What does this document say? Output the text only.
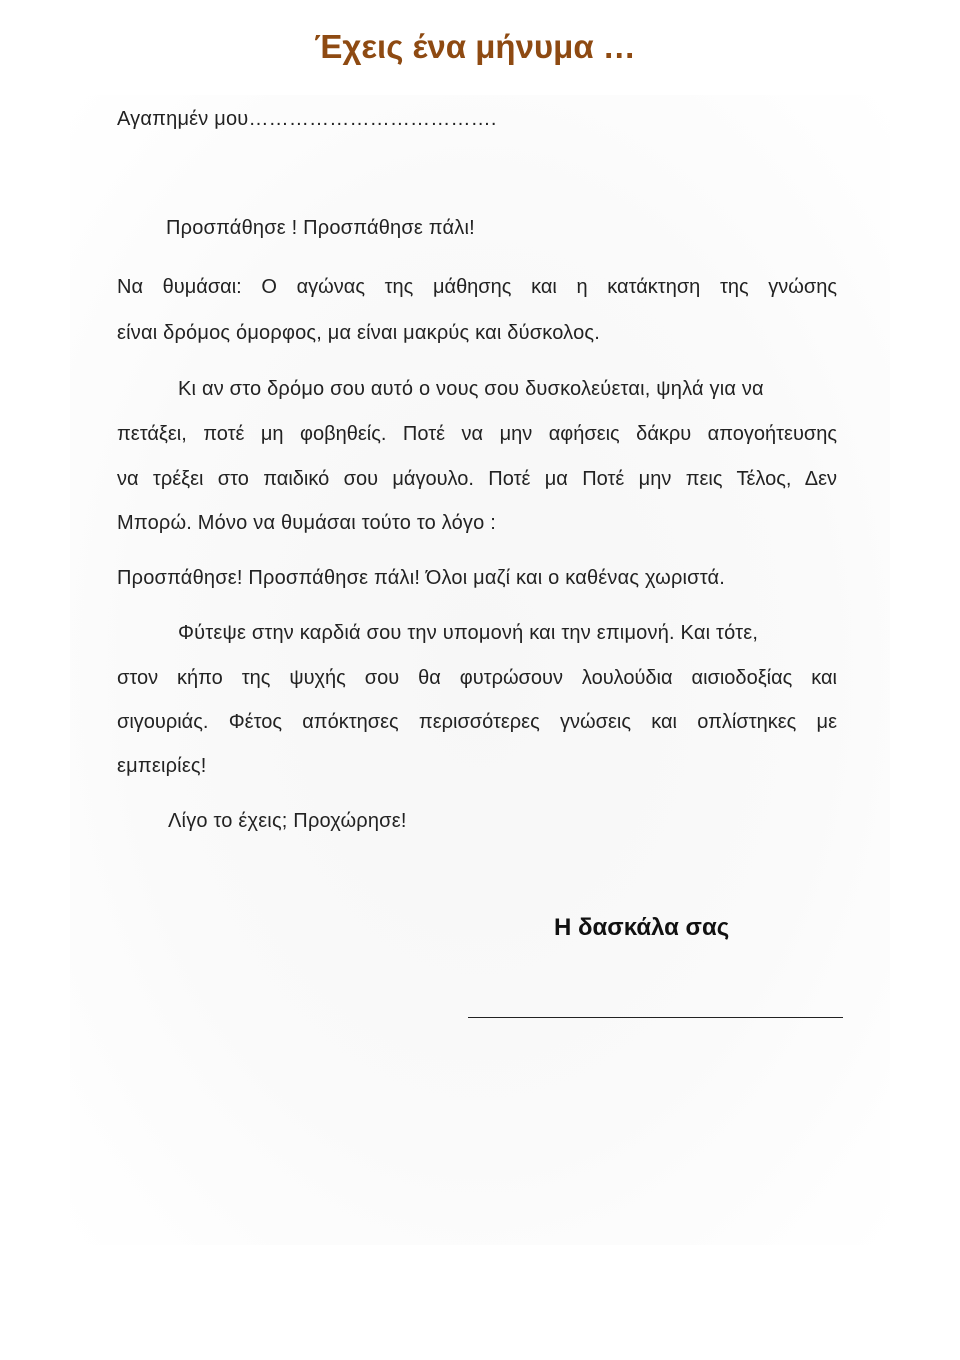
Έχεις ένα μήνυμα …
Αγαπημέν μου……………………………….
Προσπάθησε ! Προσπάθησε πάλι!
Να θυμάσαι: Ο αγώνας της μάθησης και η κατάκτηση της γνώσης
είναι δρόμος όμορφος, μα είναι μακρύς και δύσκολος.
Κι αν στο δρόμο σου αυτό ο νους σου δυσκολεύεται, ψηλά για να
πετάξει, ποτέ μη φοβηθείς. Ποτέ να μην αφήσεις δάκρυ απογοήτευσης
να τρέξει στο παιδικό σου μάγουλο. Ποτέ μα Ποτέ μην πεις Τέλος, Δεν
Μπορώ. Μόνο να θυμάσαι τούτο το λόγο :
Προσπάθησε! Προσπάθησε πάλι! Όλοι μαζί και ο καθένας χωριστά.
Φύτεψε στην καρδιά σου την υπομονή και την επιμονή. Και τότε,
στον κήπο της ψυχής σου θα φυτρώσουν λουλούδια αισιοδοξίας και
σιγουριάς. Φέτος απόκτησες περισσότερες γνώσεις και οπλίστηκες με
εμπειρίες!
Λίγο το έχεις; Προχώρησε!
Η δασκάλα σας
